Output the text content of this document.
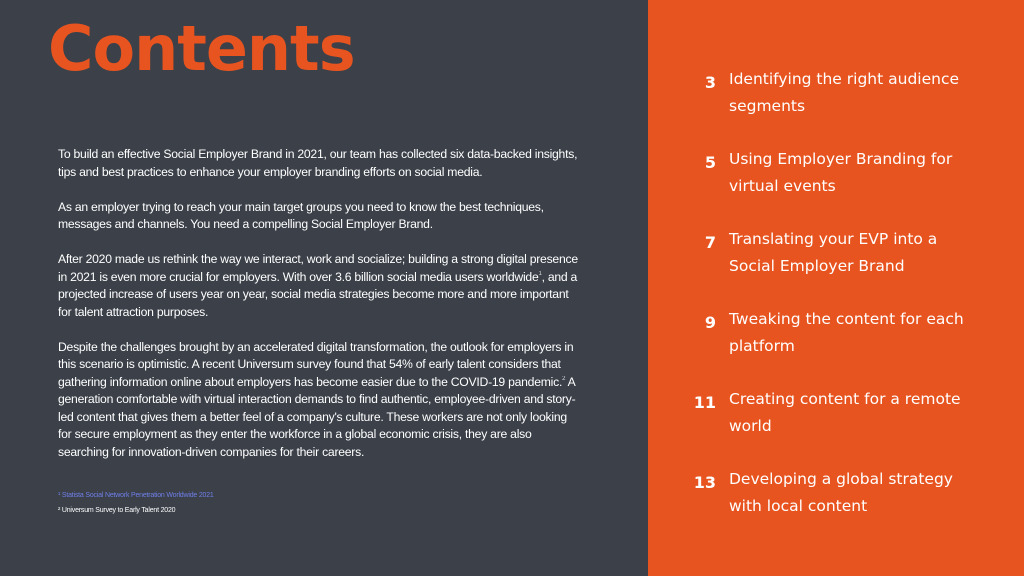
Contents

To build an effective Social Employer Brand in 2021, our team has collected six data-backed insights, tips and best practices to enhance your employer branding efforts on social media.

As an employer trying to reach your main target groups you need to know the best techniques, messages and channels. You need a compelling Social Employer Brand.

After 2020 made us rethink the way we interact, work and socialize; building a strong digital presence in 2021 is even more crucial for employers. With over 3.6 billion social media users worldwide$^1$, and a projected increase of users year on year, social media strategies become more and more important for talent attraction purposes.

Despite the challenges brought by an accelerated digital transformation, the outlook for employers in this scenario is optimistic. A recent Universum survey found that 54% of early talent considers that gathering information online about employers has become easier due to the COVID-19 pandemic.$^2$ A generation comfortable with virtual interaction demands to find authentic, employee-driven and story-led content that gives them a better feel of a company's culture. These workers are not only looking for secure employment as they enter the workforce in a global economic crisis, they are also searching for innovation-driven companies for their careers.

¹ Statista Social Network Penetration Worldwide 2021
² Universum Survey to Early Talent 2020
3 Identifying the right audience segments
5 Using Employer Branding for virtual events
7 Translating your EVP into a Social Employer Brand
9 Tweaking the content for each platform
11 Creating content for a remote world
13 Developing a global strategy with local content
